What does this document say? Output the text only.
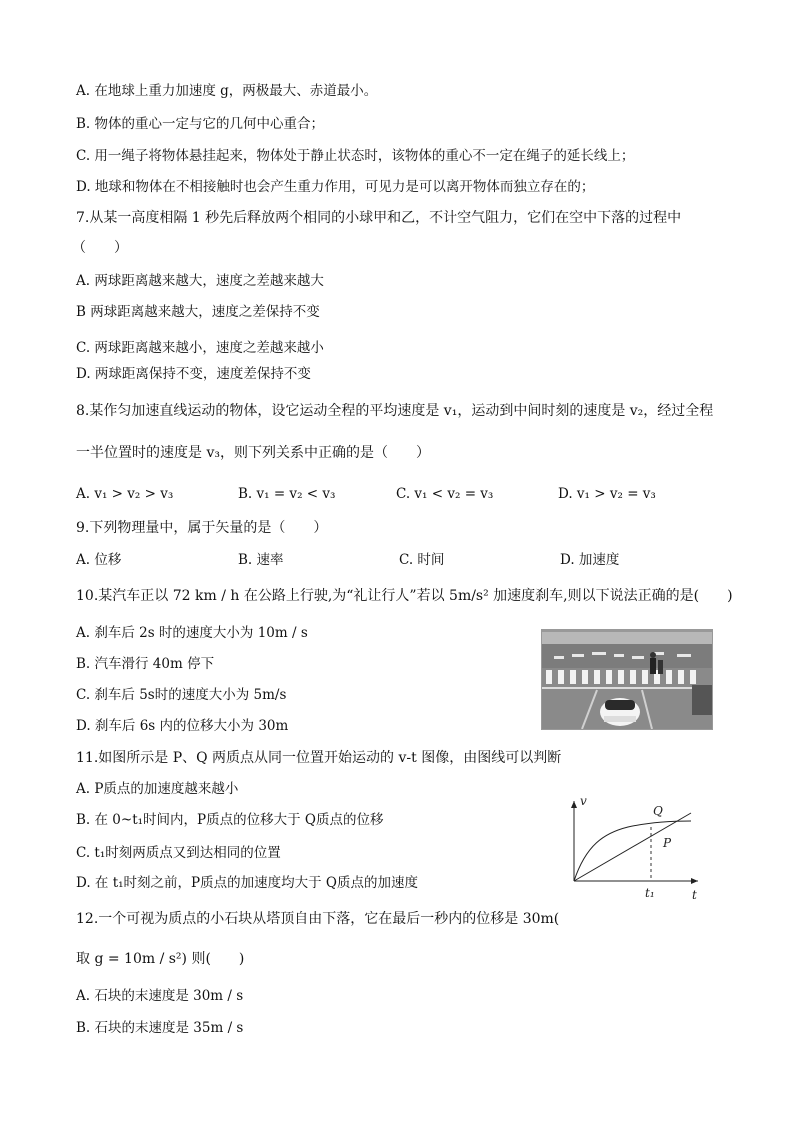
A. 在地球上重力加速度 g，两极最大、赤道最小。
B. 物体的重心一定与它的几何中心重合；
C. 用一绳子将物体悬挂起来，物体处于静止状态时，该物体的重心不一定在绳子的延长线上；
D. 地球和物体在不相接触时也会产生重力作用，可见力是可以离开物体而独立存在的；
7.从某一高度相隔 1 秒先后释放两个相同的小球甲和乙，不计空气阻力，它们在空中下落的过程中
（　　）
A. 两球距离越来越大，速度之差越来越大
B 两球距离越来越大，速度之差保持不变
C. 两球距离越来越小，速度之差越来越小
D. 两球距离保持不变，速度差保持不变
8.某作匀加速直线运动的物体，设它运动全程的平均速度是 v₁，运动到中间时刻的速度是 v₂，经过全程
一半位置时的速度是 v₃，则下列关系中正确的是（　　）
A. v₁ > v₂ > v₃	B. v₁ = v₂ < v₃	C. v₁ < v₂ = v₃	D. v₁ > v₂ = v₃
9.下列物理量中，属于矢量的是（　　）
A. 位移	B. 速率	C. 时间	D. 加速度
10.某汽车正以 72 km / h 在公路上行驶,为“礼让行人”若以 5m/s² 加速度刹车,则以下说法正确的是(　　)
A. 刹车后 2s 时的速度大小为 10m / s
B. 汽车滑行 40m 停下
C. 刹车后 5s时的速度大小为 5m/s
D. 刹车后 6s 内的位移大小为 30m
11.如图所示是 P、Q 两质点从同一位置开始运动的 v-t 图像，由图线可以判断
A. P质点的加速度越来越小
B. 在 0~t₁时间内，P质点的位移大于 Q质点的位移
C. t₁时刻两质点又到达相同的位置
D. 在 t₁时刻之前，P质点的加速度均大于 Q质点的加速度
v
t
t₁
Q
P
12.一个可视为质点的小石块从塔顶自由下落，它在最后一秒内的位移是 30m(
取 g = 10m / s²) 则(　　)
A. 石块的末速度是 30m / s
B. 石块的末速度是 35m / s
